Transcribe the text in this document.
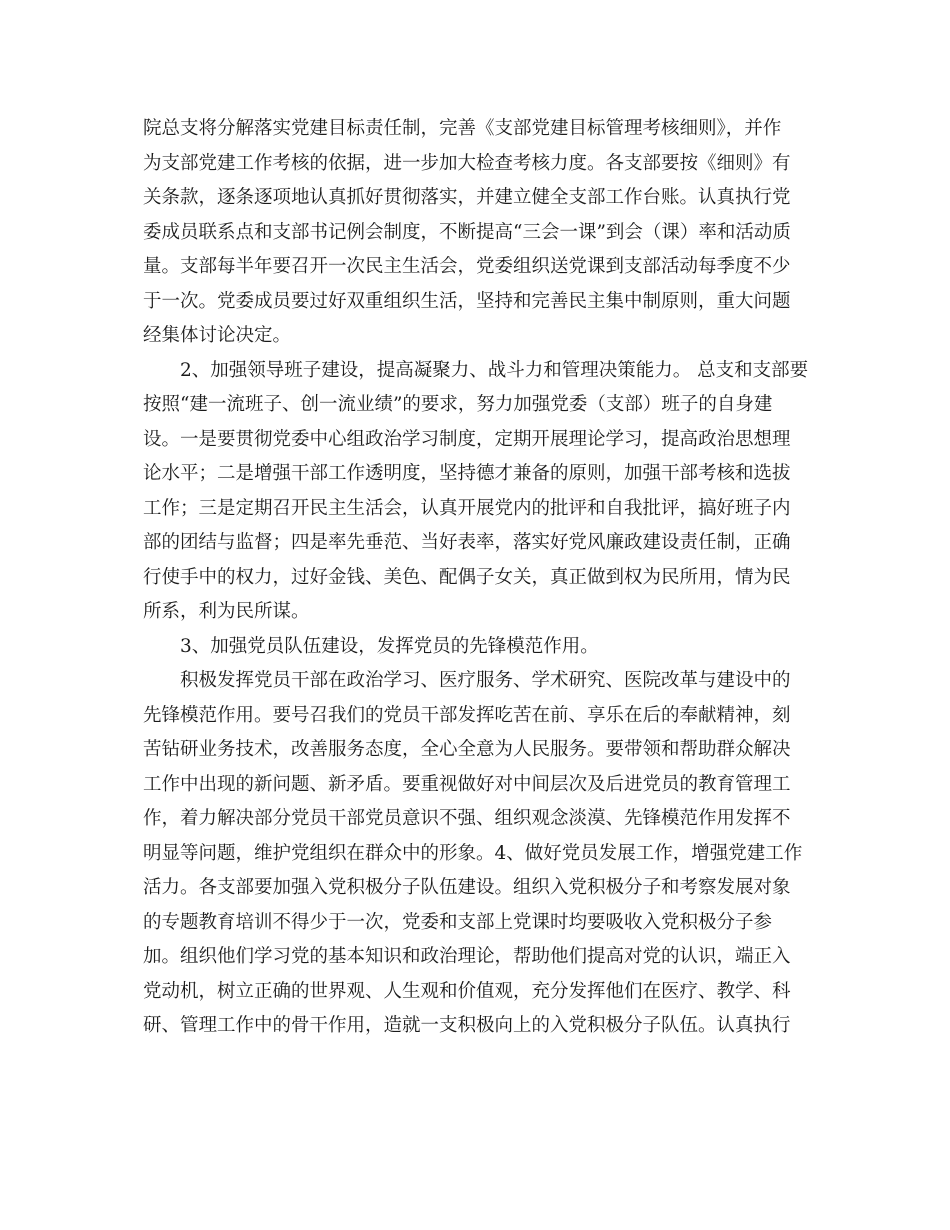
院总支将分解落实党建目标责任制，完善《支部党建目标管理考核细则》，并作
为支部党建工作考核的依据，进一步加大检查考核力度。各支部要按《细则》有
关条款，逐条逐项地认真抓好贯彻落实，并建立健全支部工作台账。认真执行党
委成员联系点和支部书记例会制度，不断提高“三会一课”到会（课）率和活动质
量。支部每半年要召开一次民主生活会，党委组织送党课到支部活动每季度不少
于一次。党委成员要过好双重组织生活，坚持和完善民主集中制原则，重大问题
经集体讨论决定。
　　2、加强领导班子建设，提高凝聚力、战斗力和管理决策能力。 总支和支部要
按照“建一流班子、创一流业绩”的要求，努力加强党委（支部）班子的自身建
设。一是要贯彻党委中心组政治学习制度，定期开展理论学习，提高政治思想理
论水平；二是增强干部工作透明度，坚持德才兼备的原则，加强干部考核和选拔
工作；三是定期召开民主生活会，认真开展党内的批评和自我批评，搞好班子内
部的团结与监督；四是率先垂范、当好表率，落实好党风廉政建设责任制，正确
行使手中的权力，过好金钱、美色、配偶子女关，真正做到权为民所用，情为民
所系，利为民所谋。
　　3、加强党员队伍建设，发挥党员的先锋模范作用。
　　积极发挥党员干部在政治学习、医疗服务、学术研究、医院改革与建设中的
先锋模范作用。要号召我们的党员干部发挥吃苦在前、享乐在后的奉献精神，刻
苦钻研业务技术，改善服务态度，全心全意为人民服务。要带领和帮助群众解决
工作中出现的新问题、新矛盾。要重视做好对中间层次及后进党员的教育管理工
作，着力解决部分党员干部党员意识不强、组织观念淡漠、先锋模范作用发挥不
明显等问题，维护党组织在群众中的形象。4、做好党员发展工作，增强党建工作
活力。各支部要加强入党积极分子队伍建设。组织入党积极分子和考察发展对象
的专题教育培训不得少于一次，党委和支部上党课时均要吸收入党积极分子参
加。组织他们学习党的基本知识和政治理论，帮助他们提高对党的认识，端正入
党动机，树立正确的世界观、人生观和价值观，充分发挥他们在医疗、教学、科
研、管理工作中的骨干作用，造就一支积极向上的入党积极分子队伍。认真执行
